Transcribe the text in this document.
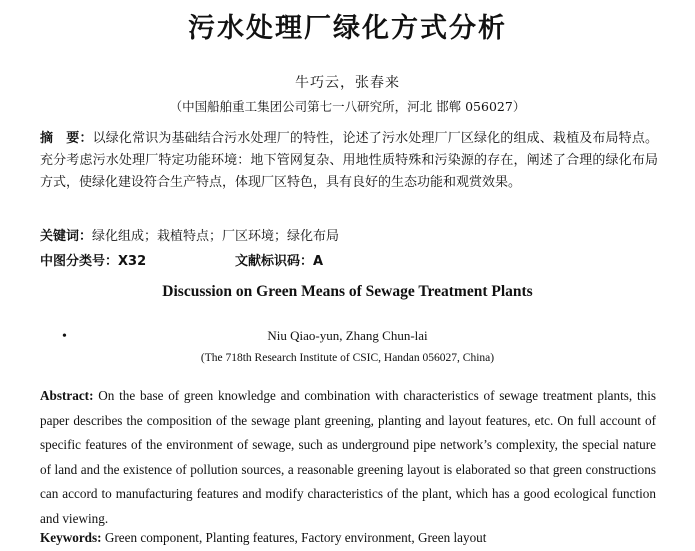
污水处理厂绿化方式分析
牛巧云，张春来
（中国船舶重工集团公司第七一八研究所，河北 邯郸 056027）

摘　要：以绿化常识为基础结合污水处理厂的特性，论述了污水处理厂厂区绿化的组成、栽植及布局特点。充分考虑污水处理厂特定功能环境：地下管网复杂、用地性质特殊和污染源的存在，阐述了合理的绿化布局方式，使绿化建设符合生产特点，体现厂区特色，具有良好的生态功能和观赏效果。

关键词：绿化组成；栽植特点；厂区环境；绿化布局
中图分类号：X32	文献标识码：A
Discussion on Green Means of Sewage Treatment Plants
•	Niu Qiao-yun, Zhang Chun-lai
(The 718th Research Institute of CSIC, Handan 056027, China)

Abstract: On the base of green knowledge and combination with characteristics of sewage treatment plants, this paper describes the composition of the sewage plant greening, planting and layout features, etc. On full account of specific features of the environment of sewage, such as underground pipe network’s complexity, the special nature of land and the existence of pollution sources, a reasonable greening layout is elaborated so that green constructions can accord to manufacturing features and modify characteristics of the plant, which has a good ecological function and viewing.

Keywords: Green component, Planting features, Factory environment, Green layout
